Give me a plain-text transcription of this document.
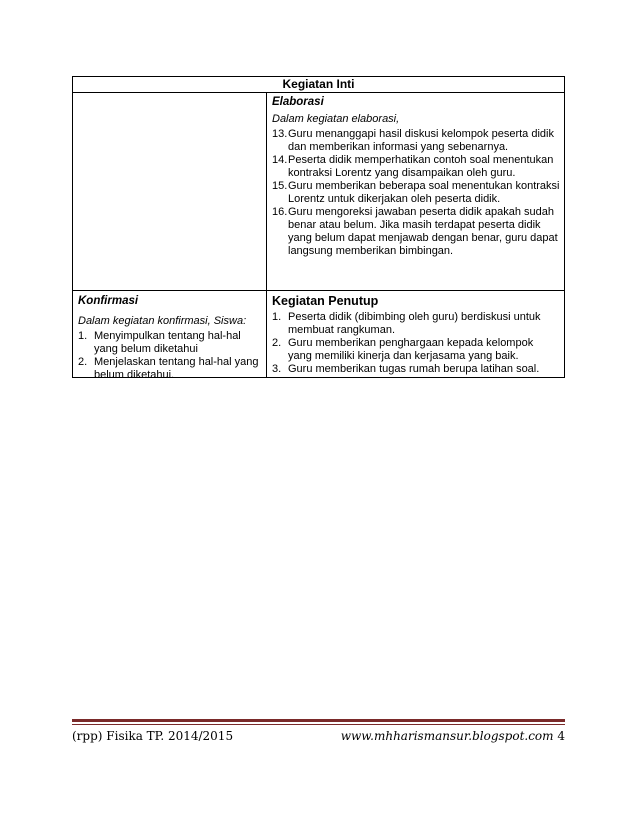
Kegiatan Inti

Elaborasi

Dalam kegiatan elaborasi,

13. Guru menanggapi hasil diskusi kelompok peserta didik dan memberikan informasi yang sebenarnya.
14. Peserta didik memperhatikan contoh soal menentukan kontraksi Lorentz yang disampaikan oleh guru.
15. Guru memberikan beberapa soal menentukan kontraksi Lorentz untuk dikerjakan oleh peserta didik.
16. Guru mengoreksi jawaban peserta didik apakah sudah benar atau belum. Jika masih terdapat peserta didik yang belum dapat menjawab dengan benar, guru dapat langsung memberikan bimbingan.

Konfirmasi

Dalam kegiatan konfirmasi, Siswa:

1. Menyimpulkan tentang hal-hal yang belum diketahui
2. Menjelaskan tentang hal-hal yang belum diketahui.

Kegiatan Penutup

1. Peserta didik (dibimbing oleh guru) berdiskusi untuk membuat rangkuman.
2. Guru memberikan penghargaan kepada kelompok yang memiliki kinerja dan kerjasama yang baik.
3. Guru memberikan tugas rumah berupa latihan soal.
(rpp) Fisika TP. 2014/2015	www.mhharismansur.blogspot.com 4
